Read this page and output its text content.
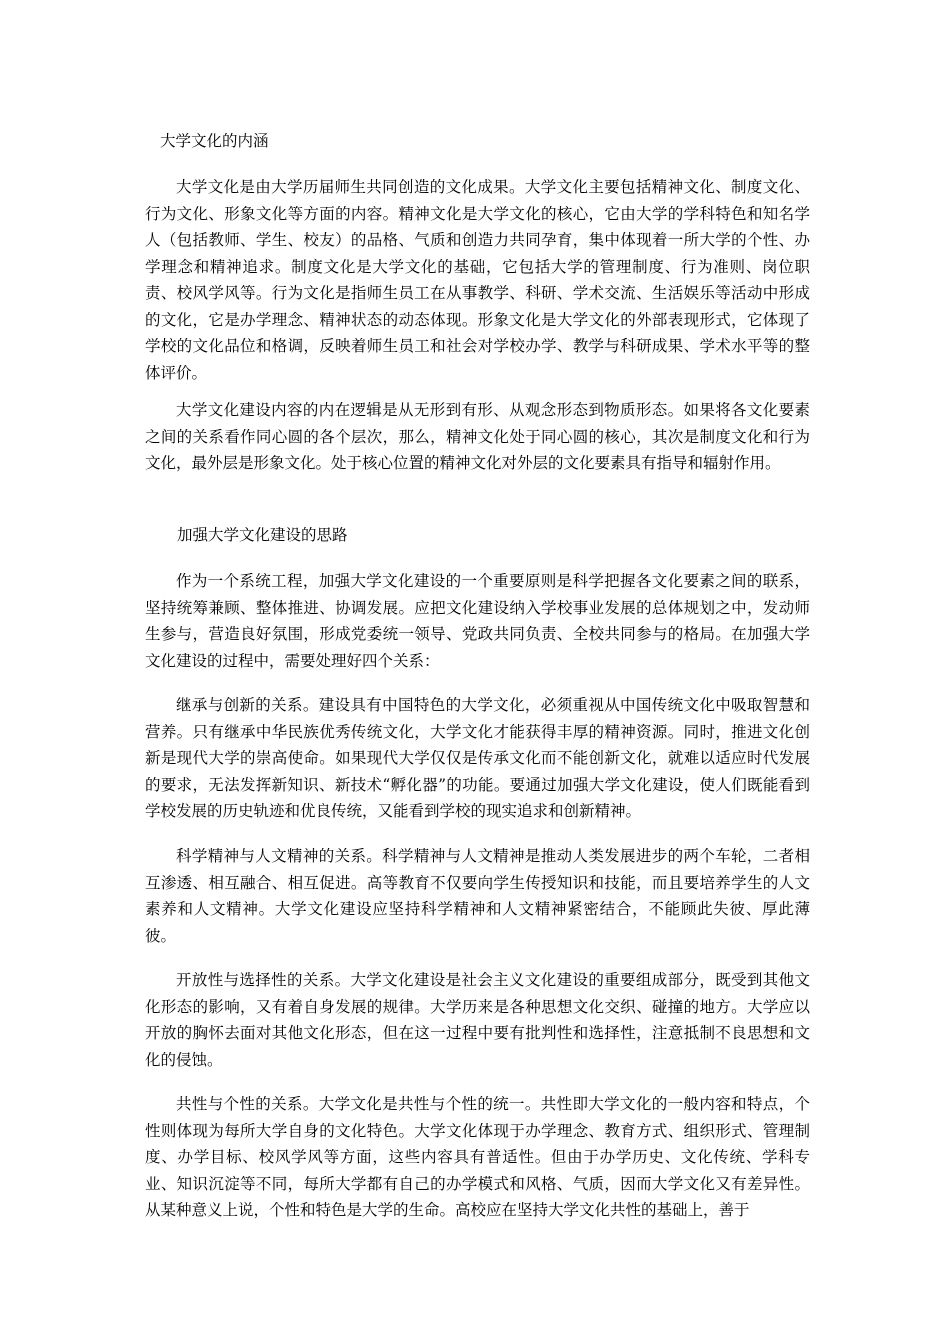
大学文化的内涵

大学文化是由大学历届师生共同创造的文化成果。大学文化主要包括精神文化、制度文化、行为文化、形象文化等方面的内容。精神文化是大学文化的核心，它由大学的学科特色和知名学人（包括教师、学生、校友）的品格、气质和创造力共同孕育，集中体现着一所大学的个性、办学理念和精神追求。制度文化是大学文化的基础，它包括大学的管理制度、行为准则、岗位职责、校风学风等。行为文化是指师生员工在从事教学、科研、学术交流、生活娱乐等活动中形成的文化，它是办学理念、精神状态的动态体现。形象文化是大学文化的外部表现形式，它体现了学校的文化品位和格调，反映着师生员工和社会对学校办学、教学与科研成果、学术水平等的整体评价。

大学文化建设内容的内在逻辑是从无形到有形、从观念形态到物质形态。如果将各文化要素之间的关系看作同心圆的各个层次，那么，精神文化处于同心圆的核心，其次是制度文化和行为文化，最外层是形象文化。处于核心位置的精神文化对外层的文化要素具有指导和辐射作用。

加强大学文化建设的思路

作为一个系统工程，加强大学文化建设的一个重要原则是科学把握各文化要素之间的联系，坚持统筹兼顾、整体推进、协调发展。应把文化建设纳入学校事业发展的总体规划之中，发动师生参与，营造良好氛围，形成党委统一领导、党政共同负责、全校共同参与的格局。在加强大学文化建设的过程中，需要处理好四个关系：

继承与创新的关系。建设具有中国特色的大学文化，必须重视从中国传统文化中吸取智慧和营养。只有继承中华民族优秀传统文化，大学文化才能获得丰厚的精神资源。同时，推进文化创新是现代大学的崇高使命。如果现代大学仅仅是传承文化而不能创新文化，就难以适应时代发展的要求，无法发挥新知识、新技术“孵化器”的功能。要通过加强大学文化建设，使人们既能看到学校发展的历史轨迹和优良传统，又能看到学校的现实追求和创新精神。

科学精神与人文精神的关系。科学精神与人文精神是推动人类发展进步的两个车轮，二者相互渗透、相互融合、相互促进。高等教育不仅要向学生传授知识和技能，而且要培养学生的人文素养和人文精神。大学文化建设应坚持科学精神和人文精神紧密结合，不能顾此失彼、厚此薄彼。

开放性与选择性的关系。大学文化建设是社会主义文化建设的重要组成部分，既受到其他文化形态的影响，又有着自身发展的规律。大学历来是各种思想文化交织、碰撞的地方。大学应以开放的胸怀去面对其他文化形态，但在这一过程中要有批判性和选择性，注意抵制不良思想和文化的侵蚀。

共性与个性的关系。大学文化是共性与个性的统一。共性即大学文化的一般内容和特点，个性则体现为每所大学自身的文化特色。大学文化体现于办学理念、教育方式、组织形式、管理制度、办学目标、校风学风等方面，这些内容具有普适性。但由于办学历史、文化传统、学科专业、知识沉淀等不同，每所大学都有自己的办学模式和风格、气质，因而大学文化又有差异性。从某种意义上说，个性和特色是大学的生命。高校应在坚持大学文化共性的基础上，善于
